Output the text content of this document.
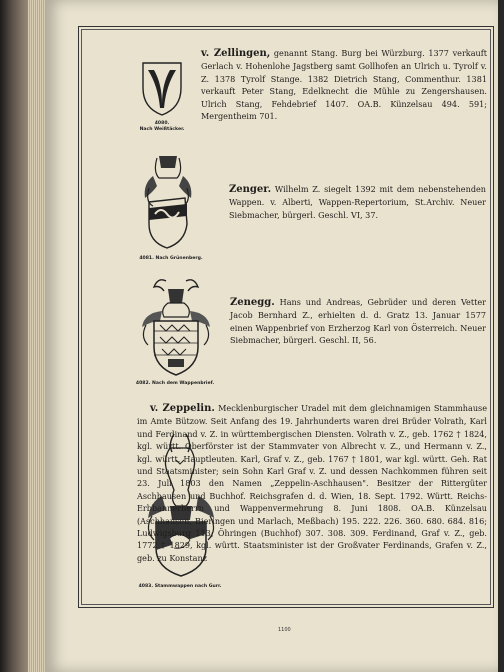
4080.
Nach Weißtäcker.
v. Zellingen, genannt Stang. Burg bei Würzburg. 1377 verkauft Gerlach v. Hohenlohe Jagstberg samt Gollhofen an Ulrich u. Tyrolf v. Z. 1378 Tyrolf Stange. 1382 Dietrich Stang, Commenthur. 1381 verkauft Peter Stang, Edelknecht die Mühle zu Zengershausen. Ulrich Stang, Fehdebrief 1407. OA.B. Künzelsau 494. 591; Mergentheim 701.
4081. Nach Grünenberg.
Zenger. Wilhelm Z. siegelt 1392 mit dem nebenstehenden Wappen. v. Alberti, Wappen-Repertorium, St.Archiv. Neuer Siebmacher, bürgerl. Geschl. VI, 37.
4082. Nach dem Wappenbrief.
Zenegg. Hans und Andreas, Gebrüder und deren Vetter Jacob Bernhard Z., erhielten d. d. Gratz 13. Januar 1577 einen Wappenbrief von Erzherzog Karl von Österreich. Neuer Siebmacher, bürgerl. Geschl. II, 56.
4083. Stammwappen nach Gurr.
v. Zeppelin. Mecklenburgischer Uradel mit dem gleichnamigen Stammhause im Amte Bützow. Seit Anfang des 19. Jahrhunderts waren drei Brüder Volrath, Karl und Ferdinand v. Z. in württembergischen Diensten. Volrath v. Z., geb. 1762 † 1824, kgl. württ. Oberförster ist der Stammvater von Albrecht v. Z., und Hermann v. Z., kgl. württ. Hauptleuten. Karl, Graf v. Z., geb. 1767 † 1801, war kgl. württ. Geh. Rat und Staatsminister; sein Sohn Karl Graf v. Z. und dessen Nachkommen führen seit 23. Juli 1803 den Namen „Zeppelin-Aschhausen". Besitzer der Rittergüter Aschhausen und Buchhof. Reichsgrafen d. d. Wien, 18. Sept. 1792. Württ. Reichs-Erbbannerherrn und Wappenvermehrung 8. Juni 1808. OA.B. Künzelsau (Aschhausen, Bieringen und Marlach, Meßbach) 195. 222. 226. 360. 680. 684. 816; Ludwigsburg 113; Öhringen (Buchhof) 307. 308. 309. Ferdinand, Graf v. Z., geb. 1772 † 1829, kgl. württ. Staatsminister ist der Großvater Ferdinands, Grafen v. Z., geb. zu Konstanz
1100
